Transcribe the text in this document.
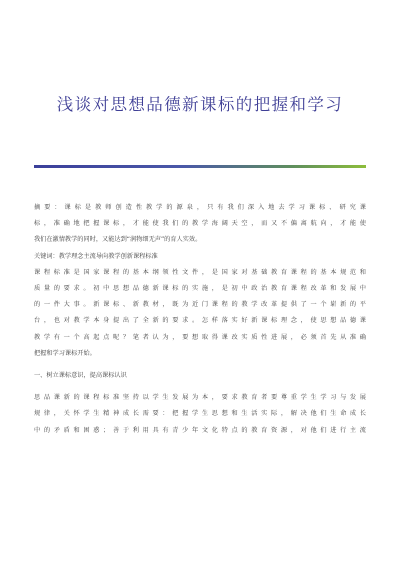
浅谈对思想品德新课标的把握和学习

摘要：课标是教师创造性教学的源泉，只有我们深入地去学习课标、研究课
标，准确地把握课标，才能使我们的教学海阔天空，而又不偏离航向，才能使
我们在激情教学的同时，又能达到“润物细无声”的育人实效。

关键词：教学理念主流导向教学创新课程标准

课程标准是国家课程的基本纲领性文件，是国家对基础教育课程的基本规范和
质量的要求。初中思想品德新课标的实施，是初中政治教育课程改革和发展中
的一件大事。新课标、新教材，既为近门课程的教学改革提供了一个崭新的平
台，也对教学本身提出了全新的要求。怎样落实好新课标理念，使思想品德课
教学有一个高起点呢？笔者认为，要想取得课改实质性进展，必须首先从准确
把握和学习课标开始。

一、树立课标意识，提高课标认识

思品课新的课程标准坚持以学生发展为本，要求教育者要尊重学生学习与发展
规律，关怀学生精神成长需要：把握学生思想和生活实际，解决他们生命成长
中的矛盾和困惑；善于利用具有青少年文化特点的教育资源，对他们进行主流
